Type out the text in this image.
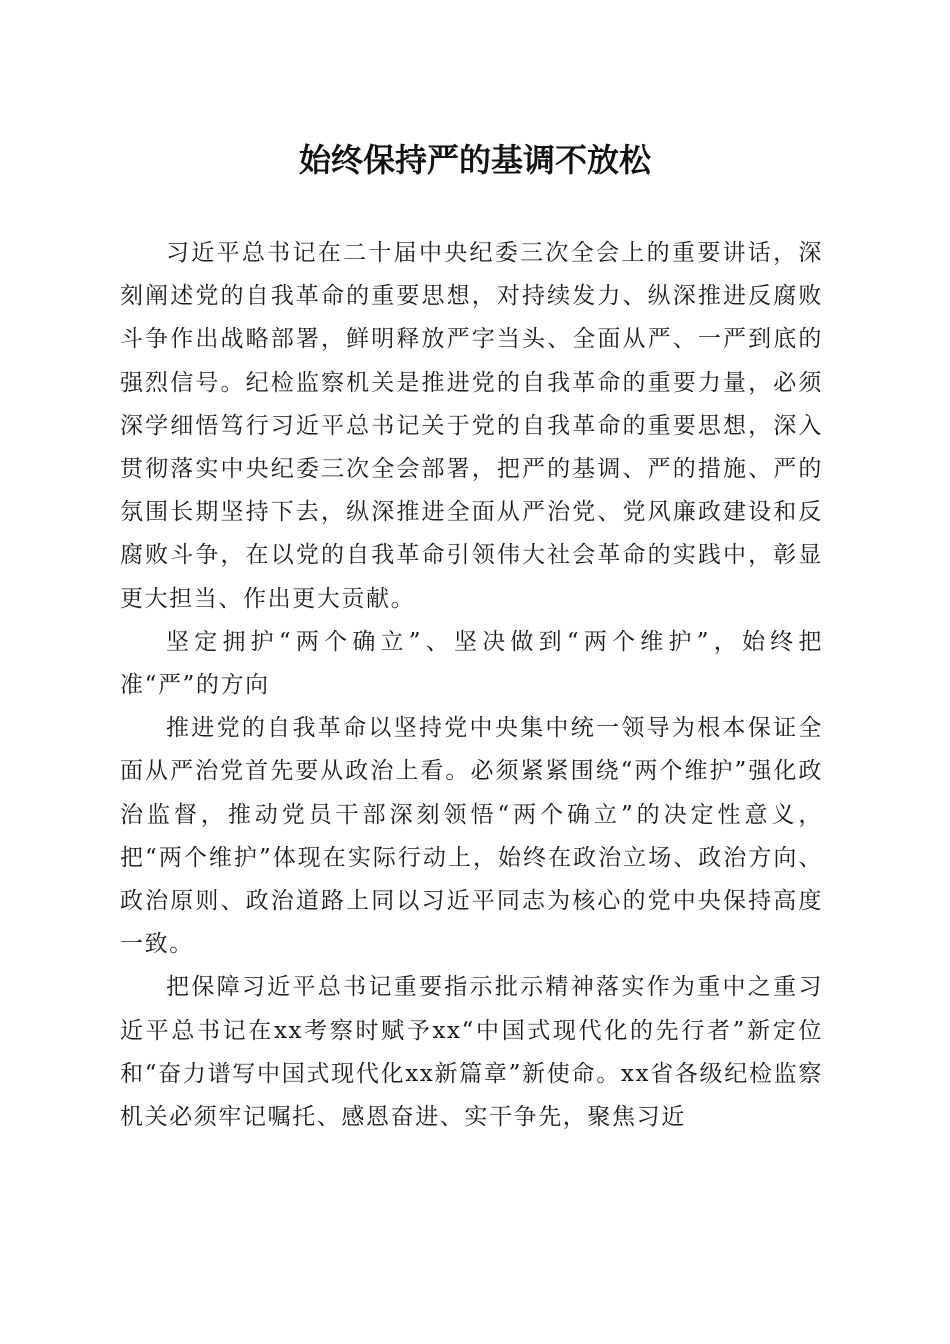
始终保持严的基调不放松

习近平总书记在二十届中央纪委三次全会上的重要讲话，深刻阐述党的自我革命的重要思想，对持续发力、纵深推进反腐败斗争作出战略部署，鲜明释放严字当头、全面从严、一严到底的强烈信号。纪检监察机关是推进党的自我革命的重要力量，必须深学细悟笃行习近平总书记关于党的自我革命的重要思想，深入贯彻落实中央纪委三次全会部署，把严的基调、严的措施、严的氛围长期坚持下去，纵深推进全面从严治党、党风廉政建设和反腐败斗争，在以党的自我革命引领伟大社会革命的实践中，彰显更大担当、作出更大贡献。

坚定拥护“两个确立”、坚决做到“两个维护”，始终把准“严”的方向

推进党的自我革命以坚持党中央集中统一领导为根本保证全面从严治党首先要从政治上看。必须紧紧围绕“两个维护”强化政治监督，推动党员干部深刻领悟“两个确立”的决定性意义，把“两个维护”体现在实际行动上，始终在政治立场、政治方向、政治原则、政治道路上同以习近平同志为核心的党中央保持高度一致。

把保障习近平总书记重要指示批示精神落实作为重中之重习近平总书记在xx考察时赋予xx“中国式现代化的先行者”新定位和“奋力谱写中国式现代化xx新篇章”新使命。xx省各级纪检监察机关必须牢记嘱托、感恩奋进、实干争先，聚焦习近
